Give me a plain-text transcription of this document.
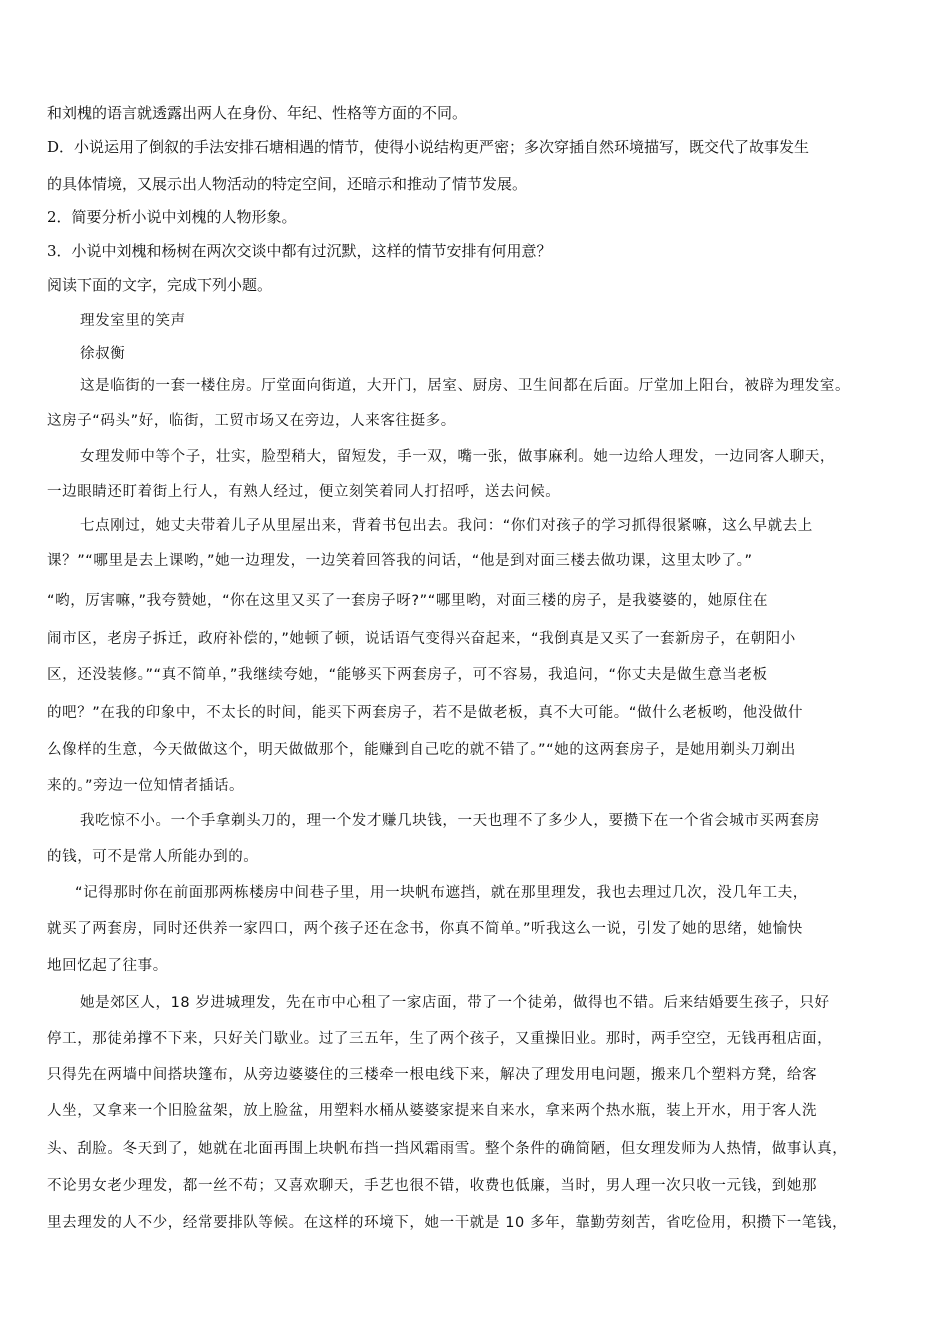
和刘槐的语言就透露出两人在身份、年纪、性格等方面的不同。
D．小说运用了倒叙的手法安排石塘相遇的情节，使得小说结构更严密；多次穿插自然环境描写，既交代了故事发生
的具体情境，又展示出人物活动的特定空间，还暗示和推动了情节发展。
2．简要分析小说中刘槐的人物形象。
3．小说中刘槐和杨树在两次交谈中都有过沉默，这样的情节安排有何用意？
阅读下面的文字，完成下列小题。
理发室里的笑声
徐叔衡
这是临街的一套一楼住房。厅堂面向街道，大开门，居室、厨房、卫生间都在后面。厅堂加上阳台，被辟为理发室。
这房子“码头”好，临街，工贸市场又在旁边，人来客往挺多。
女理发师中等个子，壮实，脸型稍大，留短发，手一双，嘴一张，做事麻利。她一边给人理发，一边同客人聊天，
一边眼睛还盯着街上行人，有熟人经过，便立刻笑着同人打招呼，送去问候。
七点刚过，她丈夫带着儿子从里屋出来，背着书包出去。我问：“你们对孩子的学习抓得很紧嘛，这么早就去上
课？”“哪里是去上课哟，”她一边理发，一边笑着回答我的问话，“他是到对面三楼去做功课，这里太吵了。”
“哟，厉害嘛，”我夸赞她，“你在这里又买了一套房子呀?”“哪里哟，对面三楼的房子，是我婆婆的，她原住在
闹市区，老房子拆迁，政府补偿的，”她顿了顿，说话语气变得兴奋起来，“我倒真是又买了一套新房子，在朝阳小
区，还没装修。”“真不简单，”我继续夸她，“能够买下两套房子，可不容易，我追问，“你丈夫是做生意当老板
的吧？”在我的印象中，不太长的时间，能买下两套房子，若不是做老板，真不大可能。“做什么老板哟，他没做什
么像样的生意，今天做做这个，明天做做那个，能赚到自己吃的就不错了。”“她的这两套房子，是她用剃头刀剃出
来的。”旁边一位知情者插话。
我吃惊不小。一个手拿剃头刀的，理一个发才赚几块钱，一天也理不了多少人，要攒下在一个省会城市买两套房
的钱，可不是常人所能办到的。
“记得那时你在前面那两栋楼房中间巷子里，用一块帆布遮挡，就在那里理发，我也去理过几次，没几年工夫，
就买了两套房，同时还供养一家四口，两个孩子还在念书，你真不简单。”听我这么一说，引发了她的思绪，她愉快
地回忆起了往事。
她是郊区人，18 岁进城理发，先在市中心租了一家店面，带了一个徒弟，做得也不错。后来结婚要生孩子，只好
停工，那徒弟撑不下来，只好关门歇业。过了三五年，生了两个孩子，又重操旧业。那时，两手空空，无钱再租店面，
只得先在两墙中间搭块篷布，从旁边婆婆住的三楼牵一根电线下来，解决了理发用电问题，搬来几个塑料方凳，给客
人坐，又拿来一个旧脸盆架，放上脸盆，用塑料水桶从婆婆家提来自来水，拿来两个热水瓶，装上开水，用于客人洗
头、刮脸。冬天到了，她就在北面再围上块帆布挡一挡风霜雨雪。整个条件的确简陋，但女理发师为人热情，做事认真，
不论男女老少理发，都一丝不苟；又喜欢聊天，手艺也很不错，收费也低廉，当时，男人理一次只收一元钱，到她那
里去理发的人不少，经常要排队等候。在这样的环境下，她一干就是 10 多年，靠勤劳刻苦，省吃俭用，积攒下一笔钱，
